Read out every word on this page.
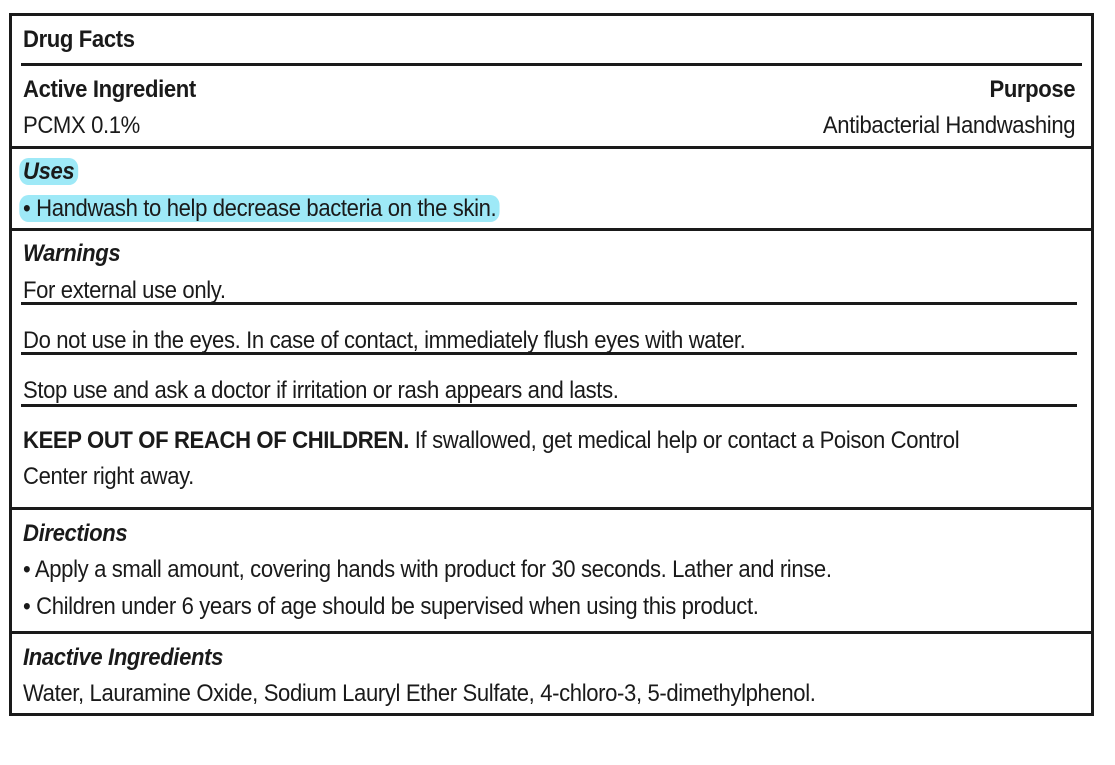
Drug Facts
Active Ingredient	Purpose
PCMX 0.1%	Antibacterial Handwashing
Uses
• Handwash to help decrease bacteria on the skin.
Warnings
For external use only.
Do not use in the eyes. In case of contact, immediately flush eyes with water.
Stop use and ask a doctor if irritation or rash appears and lasts.
KEEP OUT OF REACH OF CHILDREN. If swallowed, get medical help or contact a Poison Control
Center right away.
Directions
• Apply a small amount, covering hands with product for 30 seconds. Lather and rinse.
• Children under 6 years of age should be supervised when using this product.
Inactive Ingredients
Water, Lauramine Oxide, Sodium Lauryl Ether Sulfate, 4-chloro-3, 5-dimethylphenol.
